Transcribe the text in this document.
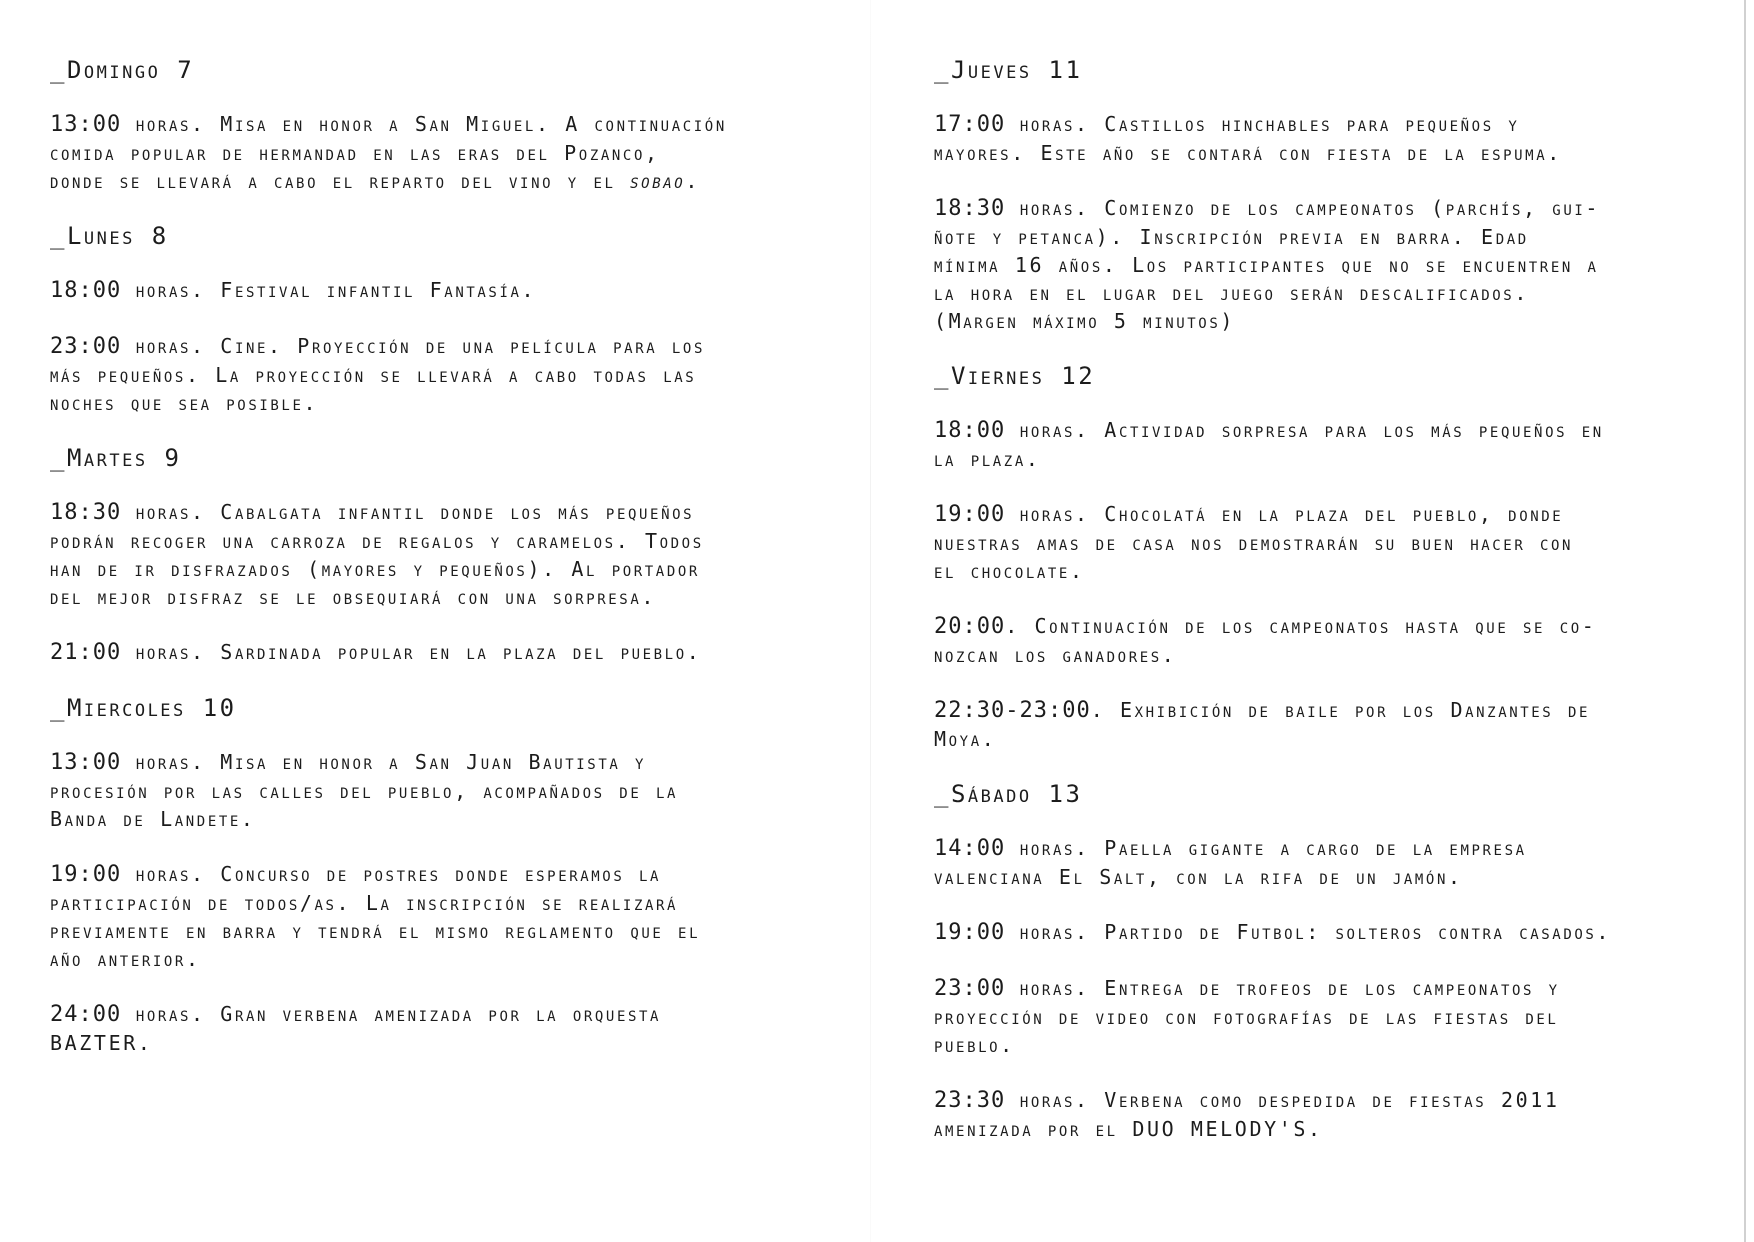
_Domingo 7

13:00 horas. Misa en honor a San Miguel. A continuación
comida popular de hermandad en las eras del Pozanco,
donde se llevará a cabo el reparto del vino y el sobao.

_Lunes 8

18:00 horas. Festival infantil Fantasía.

23:00 horas. Cine. Proyección de una película para los
más pequeños. La proyección se llevará a cabo todas las
noches que sea posible.

_Martes 9

18:30 horas. Cabalgata infantil donde los más pequeños
podrán recoger una carroza de regalos y caramelos. Todos
han de ir disfrazados (mayores y pequeños). Al portador
del mejor disfraz se le obsequiará con una sorpresa.

21:00 horas. Sardinada popular en la plaza del pueblo.

_Miercoles 10

13:00 horas. Misa en honor a San Juan Bautista y
procesión por las calles del pueblo, acompañados de la
Banda de Landete.

19:00 horas. Concurso de postres donde esperamos la
participación de todos/as. La inscripción se realizará
previamente en barra y tendrá el mismo reglamento que el
año anterior.

24:00 horas. Gran verbena amenizada por la orquesta
BAZTER.

_Jueves 11

17:00 horas. Castillos hinchables para pequeños y
mayores. Este año se contará con fiesta de la espuma.

18:30 horas. Comienzo de los campeonatos (parchís, gui-
ñote y petanca). Inscripción previa en barra. Edad
mínima 16 años. Los participantes que no se encuentren a
la hora en el lugar del juego serán descalificados.
(Margen máximo 5 minutos)

_Viernes 12

18:00 horas. Actividad sorpresa para los más pequeños en
la plaza.

19:00 horas. Chocolatá en la plaza del pueblo, donde
nuestras amas de casa nos demostrarán su buen hacer con
el chocolate.

20:00. Continuación de los campeonatos hasta que se co-
nozcan los ganadores.

22:30-23:00. Exhibición de baile por los Danzantes de
Moya.

_Sábado 13

14:00 horas. Paella gigante a cargo de la empresa
valenciana El Salt, con la rifa de un jamón.

19:00 horas. Partido de Futbol: solteros contra casados.

23:00 horas. Entrega de trofeos de los campeonatos y
proyección de video con fotografías de las fiestas del
pueblo.

23:30 horas. Verbena como despedida de fiestas 2011
amenizada por el DUO MELODY'S.
